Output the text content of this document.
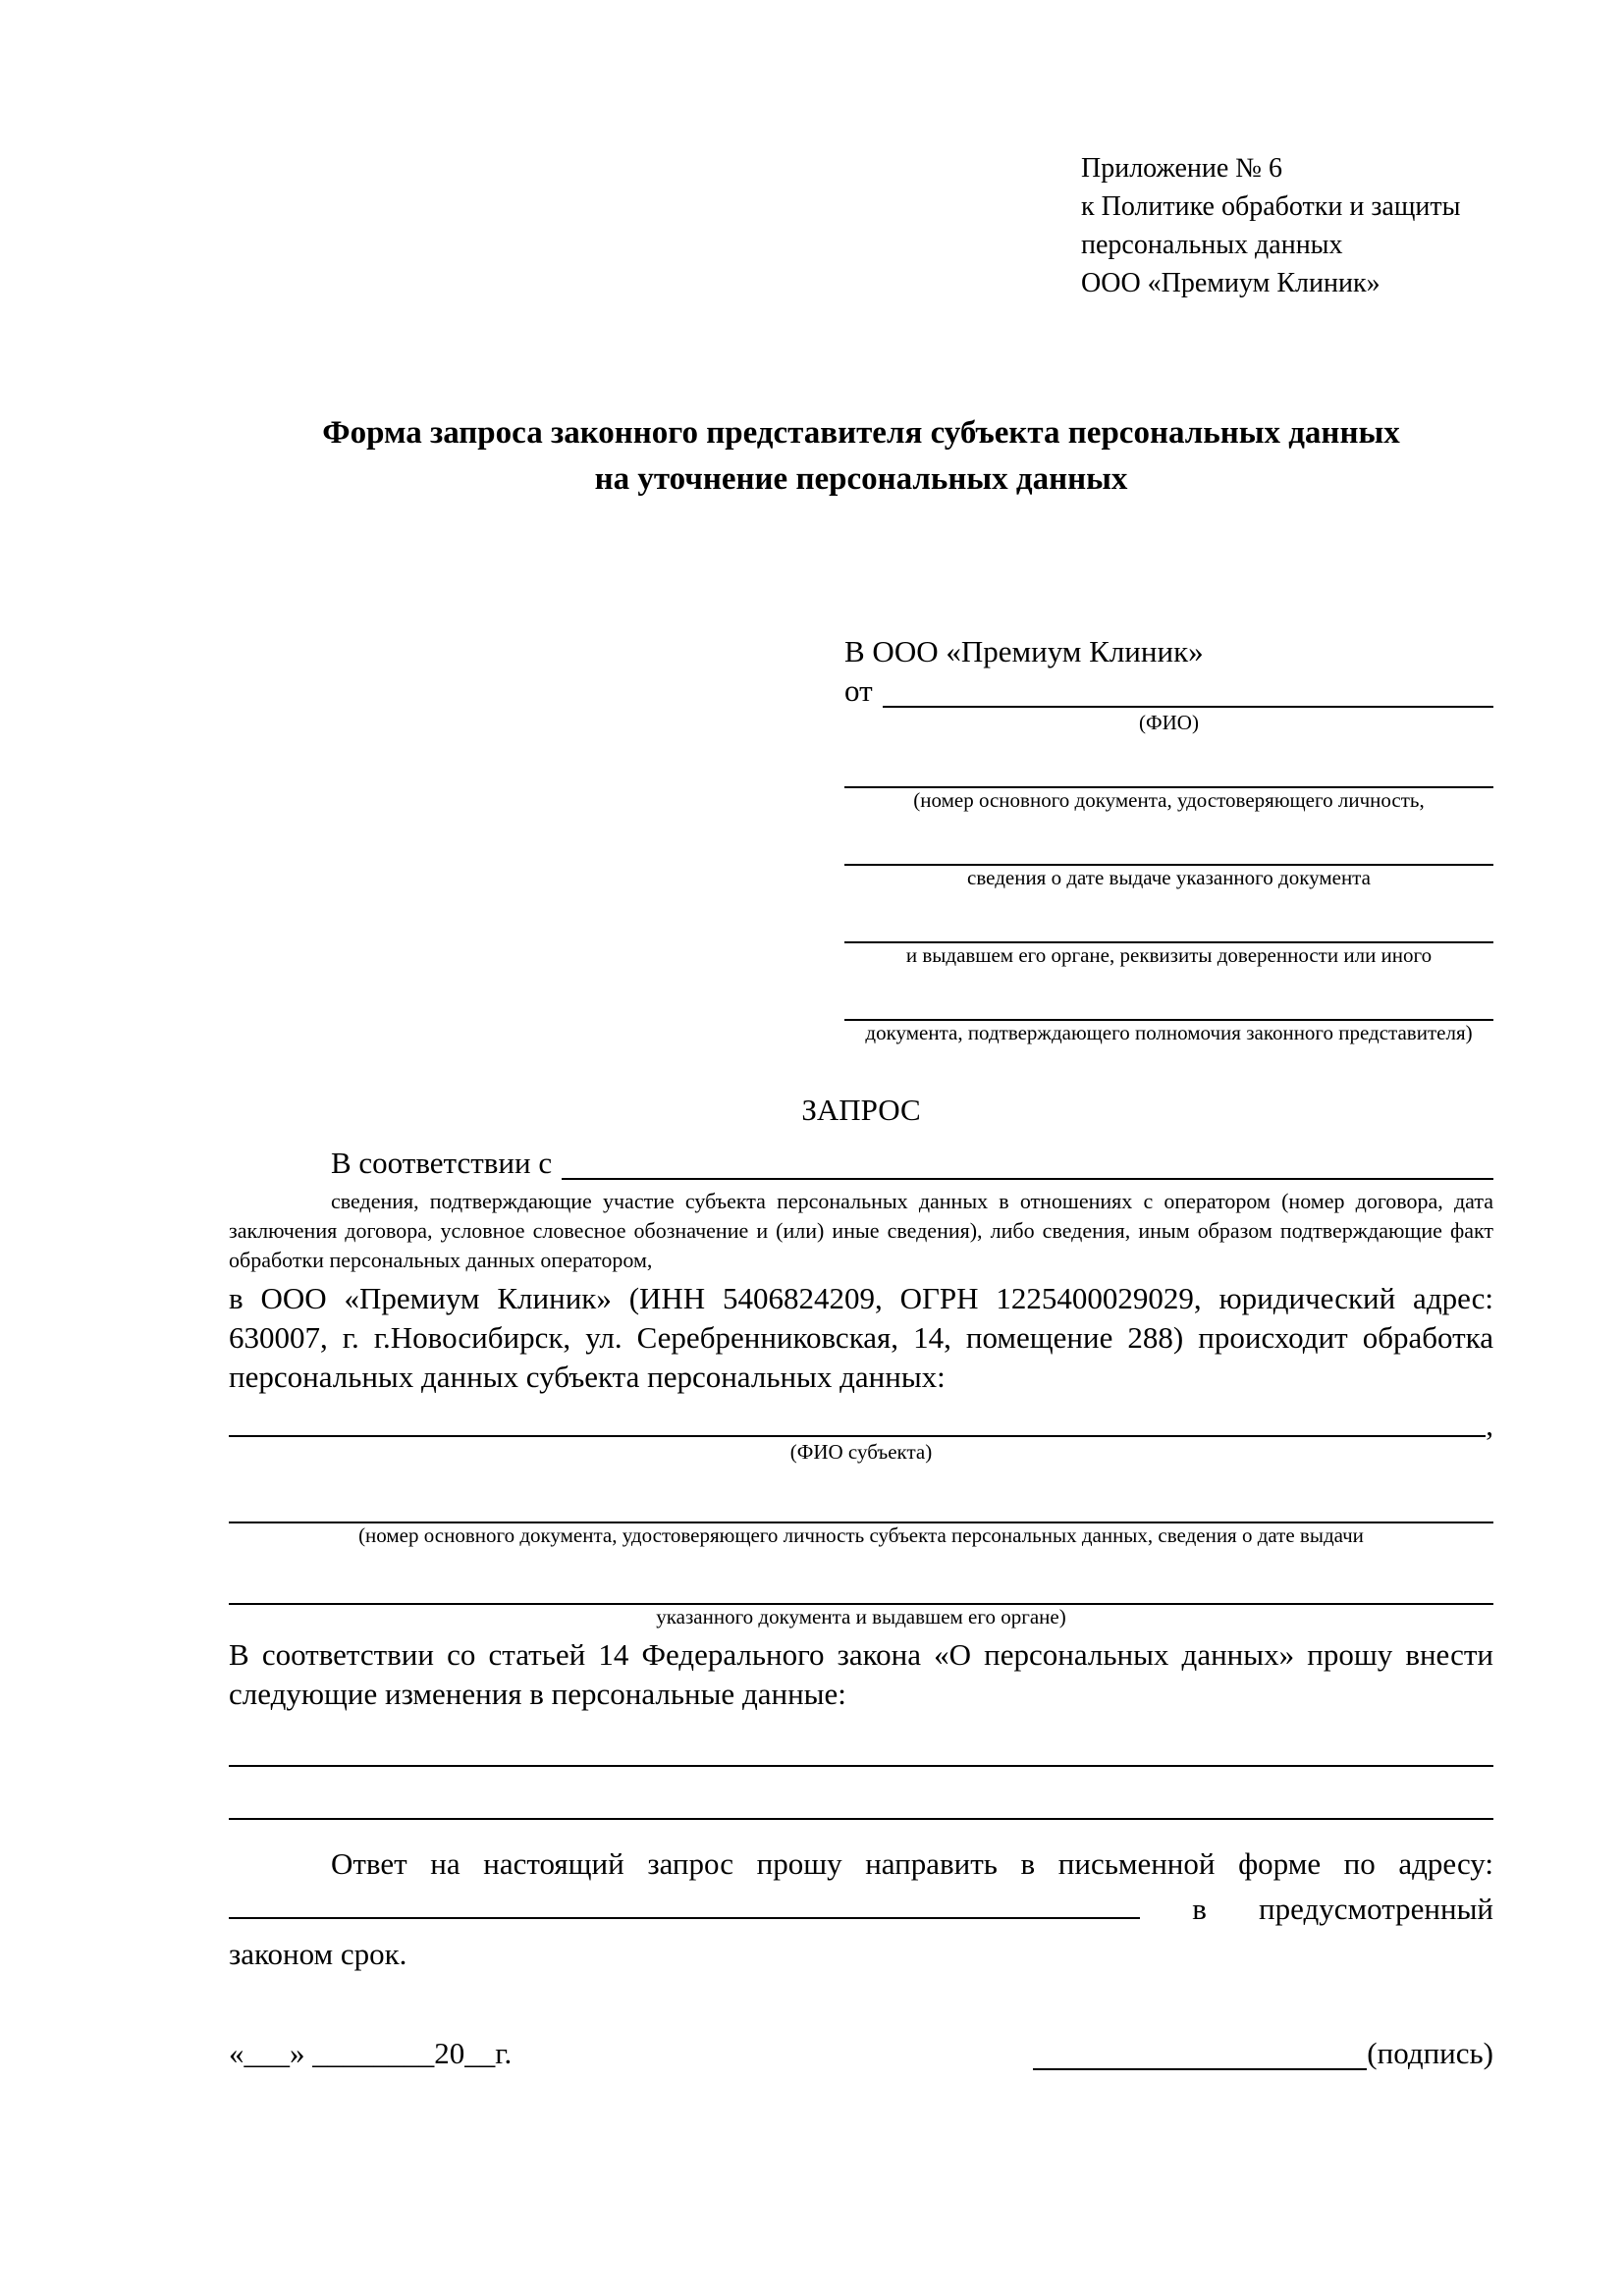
Приложение № 6
к Политике обработки и защиты
персональных данных
ООО «Премиум Клиник»
Форма запроса законного представителя субъекта персональных данных
на уточнение персональных данных
В ООО «Премиум Клиник»
от
(ФИО)
(номер основного документа, удостоверяющего личность,
сведения о дате выдаче указанного документа
и выдавшем его органе, реквизиты доверенности или иного
документа, подтверждающего полномочия законного представителя)
ЗАПРОС
В соответствии с
сведения, подтверждающие участие субъекта персональных данных в отношениях с оператором (номер договора, дата заключения договора, условное словесное обозначение и (или) иные сведения), либо сведения, иным образом подтверждающие факт обработки персональных данных оператором,
в ООО «Премиум Клиник» (ИНН 5406824209, ОГРН 1225400029029, юридический адрес: 630007, г. г.Новосибирск, ул. Серебренниковская, 14, помещение 288) происходит обработка персональных данных субъекта персональных данных:
,
(ФИО субъекта)
(номер основного документа, удостоверяющего личность субъекта персональных данных, сведения о дате выдачи
указанного документа и выдавшем его органе)
В соответствии со статьей 14 Федерального закона «О персональных данных» прошу внести следующие изменения в персональные данные:
Ответ на настоящий запрос прошу направить в письменной форме по адресу:  в предусмотренный законом срок.
«___» ________20__г.	(подпись)
